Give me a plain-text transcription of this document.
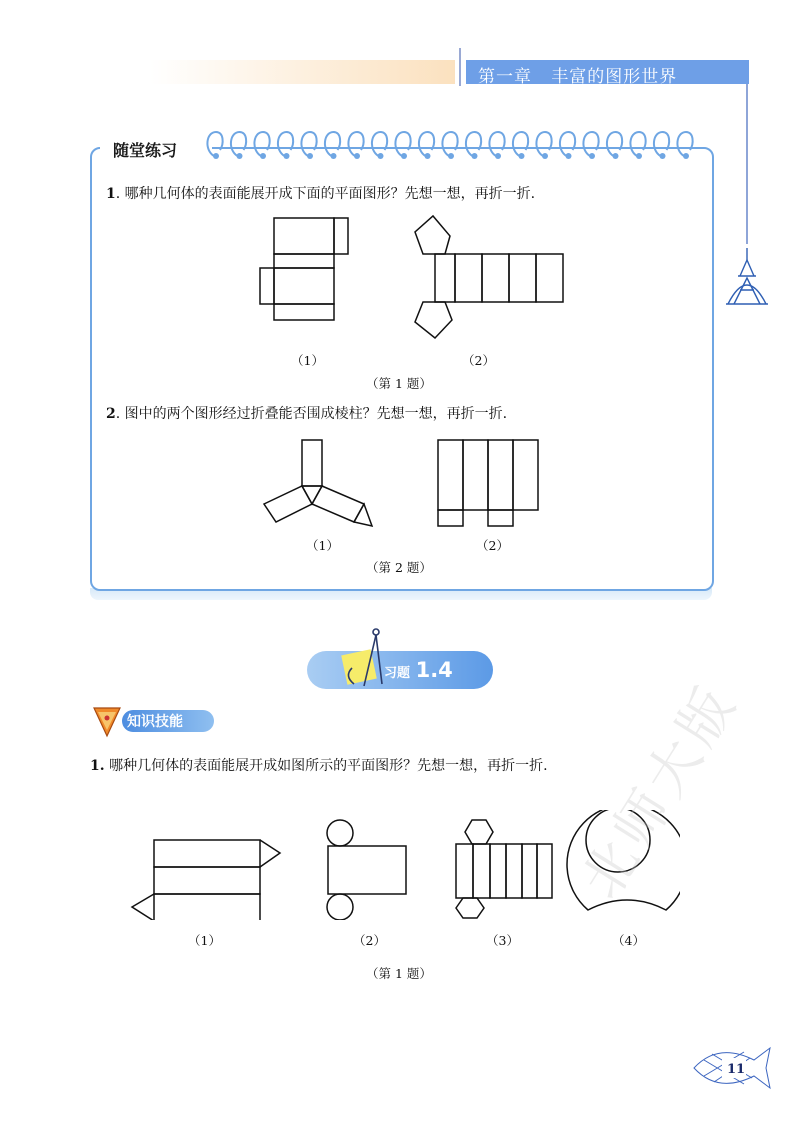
第一章   丰富的图形世界
随堂练习
1. 哪种几何体的表面能展开成下面的平面图形？先想一想，再折一折.
（1）	（2）
（第 1 题）
2. 图中的两个图形经过折叠能否围成棱柱？先想一想，再折一折.
（1）	（2）
（第 2 题）
习题 1.4
知识技能
1. 哪种几何体的表面能展开成如图所示的平面图形？先想一想，再折一折.
（1）	（2）	（3）	（4）
（第 1 题）
北师大版
11
